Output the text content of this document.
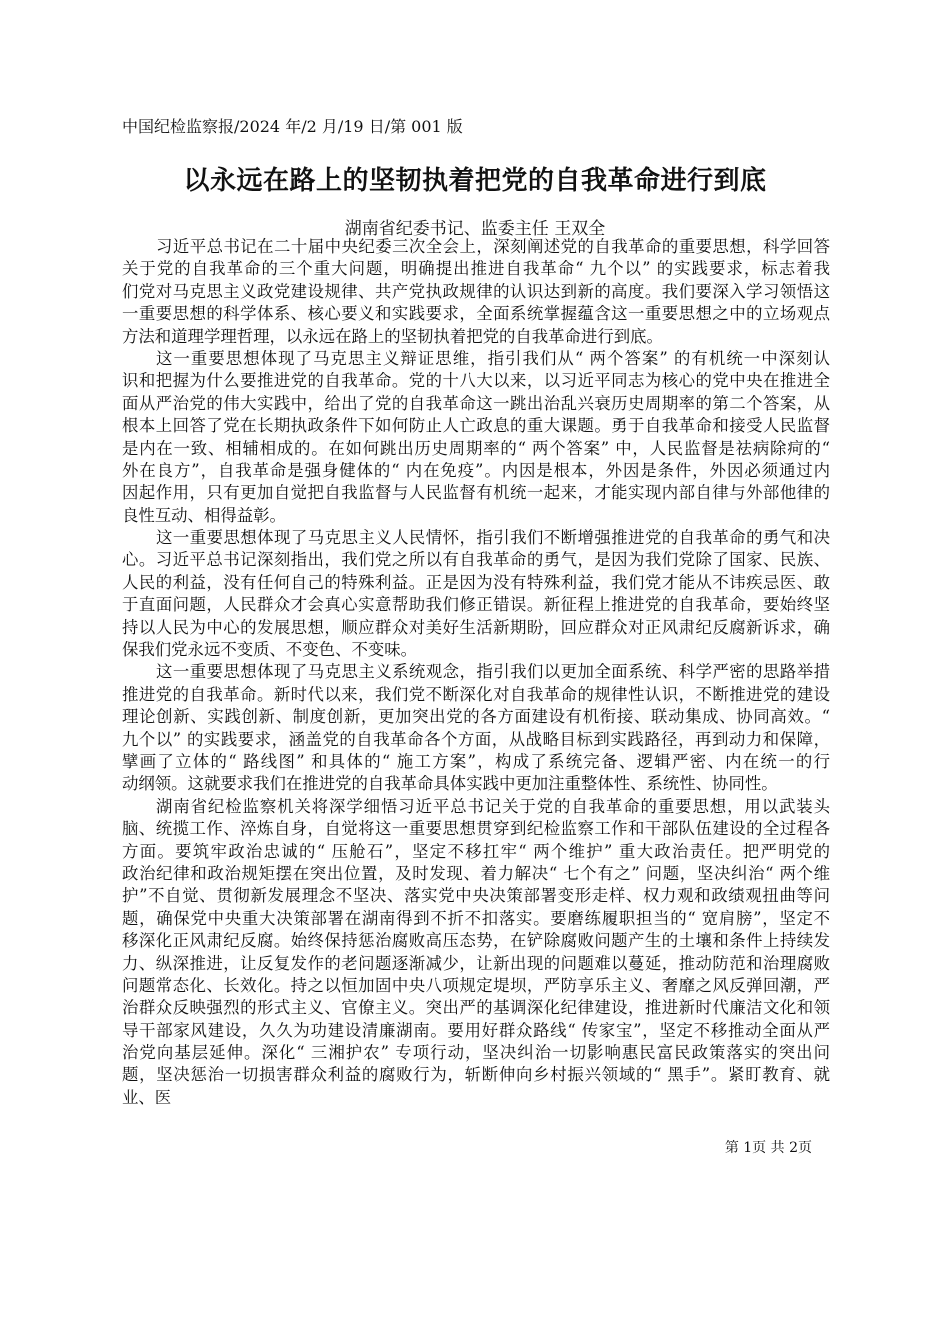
中国纪检监察报/2024 年/2 月/19 日/第 001 版
以永远在路上的坚韧执着把党的自我革命进行到底
湖南省纪委书记、监委主任 王双全
习近平总书记在二十届中央纪委三次全会上，深刻阐述党的自我革命的重要思想，科学回答
关于党的自我革命的三个重大问题，明确提出推进自我革命“ 九个以” 的实践要求，标志着我
们党对马克思主义政党建设规律、共产党执政规律的认识达到新的高度。我们要深入学习领悟这
一重要思想的科学体系、核心要义和实践要求，全面系统掌握蕴含这一重要思想之中的立场观点
方法和道理学理哲理，以永远在路上的坚韧执着把党的自我革命进行到底。
这一重要思想体现了马克思主义辩证思维，指引我们从“ 两个答案” 的有机统一中深刻认
识和把握为什么要推进党的自我革命。党的十八大以来，以习近平同志为核心的党中央在推进全
面从严治党的伟大实践中，给出了党的自我革命这一跳出治乱兴衰历史周期率的第二个答案，从
根本上回答了党在长期执政条件下如何防止人亡政息的重大课题。勇于自我革命和接受人民监督
是内在一致、相辅相成的。在如何跳出历史周期率的“ 两个答案” 中，人民监督是祛病除疴的“
外在良方”，自我革命是强身健体的“ 内在免疫”。内因是根本，外因是条件，外因必须通过内
因起作用，只有更加自觉把自我监督与人民监督有机统一起来，才能实现内部自律与外部他律的
良性互动、相得益彰。
这一重要思想体现了马克思主义人民情怀，指引我们不断增强推进党的自我革命的勇气和决
心。习近平总书记深刻指出，我们党之所以有自我革命的勇气，是因为我们党除了国家、民族、
人民的利益，没有任何自己的特殊利益。正是因为没有特殊利益，我们党才能从不讳疾忌医、敢
于直面问题，人民群众才会真心实意帮助我们修正错误。新征程上推进党的自我革命，要始终坚
持以人民为中心的发展思想，顺应群众对美好生活新期盼，回应群众对正风肃纪反腐新诉求，确
保我们党永远不变质、不变色、不变味。
这一重要思想体现了马克思主义系统观念，指引我们以更加全面系统、科学严密的思路举措
推进党的自我革命。新时代以来，我们党不断深化对自我革命的规律性认识，不断推进党的建设
理论创新、实践创新、制度创新，更加突出党的各方面建设有机衔接、联动集成、协同高效。“
九个以” 的实践要求，涵盖党的自我革命各个方面，从战略目标到实践路径，再到动力和保障，
擘画了立体的“ 路线图” 和具体的“ 施工方案”，构成了系统完备、逻辑严密、内在统一的行
动纲领。这就要求我们在推进党的自我革命具体实践中更加注重整体性、系统性、协同性。
湖南省纪检监察机关将深学细悟习近平总书记关于党的自我革命的重要思想，用以武装头
脑、统揽工作、淬炼自身，自觉将这一重要思想贯穿到纪检监察工作和干部队伍建设的全过程各
方面。要筑牢政治忠诚的“ 压舱石”，坚定不移扛牢“ 两个维护” 重大政治责任。把严明党的
政治纪律和政治规矩摆在突出位置，及时发现、着力解决“ 七个有之” 问题，坚决纠治“ 两个维
护”不自觉、贯彻新发展理念不坚决、落实党中央决策部署变形走样、权力观和政绩观扭曲等问
题，确保党中央重大决策部署在湖南得到不折不扣落实。要磨练履职担当的“ 宽肩膀”，坚定不
移深化正风肃纪反腐。始终保持惩治腐败高压态势，在铲除腐败问题产生的土壤和条件上持续发
力、纵深推进，让反复发作的老问题逐渐减少，让新出现的问题难以蔓延，推动防范和治理腐败
问题常态化、长效化。持之以恒加固中央八项规定堤坝，严防享乐主义、奢靡之风反弹回潮，严
治群众反映强烈的形式主义、官僚主义。突出严的基调深化纪律建设，推进新时代廉洁文化和领
导干部家风建设，久久为功建设清廉湖南。要用好群众路线“ 传家宝”，坚定不移推动全面从严
治党向基层延伸。深化“ 三湘护农” 专项行动，坚决纠治一切影响惠民富民政策落实的突出问
题，坚决惩治一切损害群众利益的腐败行为，斩断伸向乡村振兴领域的“ 黑手”。紧盯教育、就
业、医
第 1页 共 2页
